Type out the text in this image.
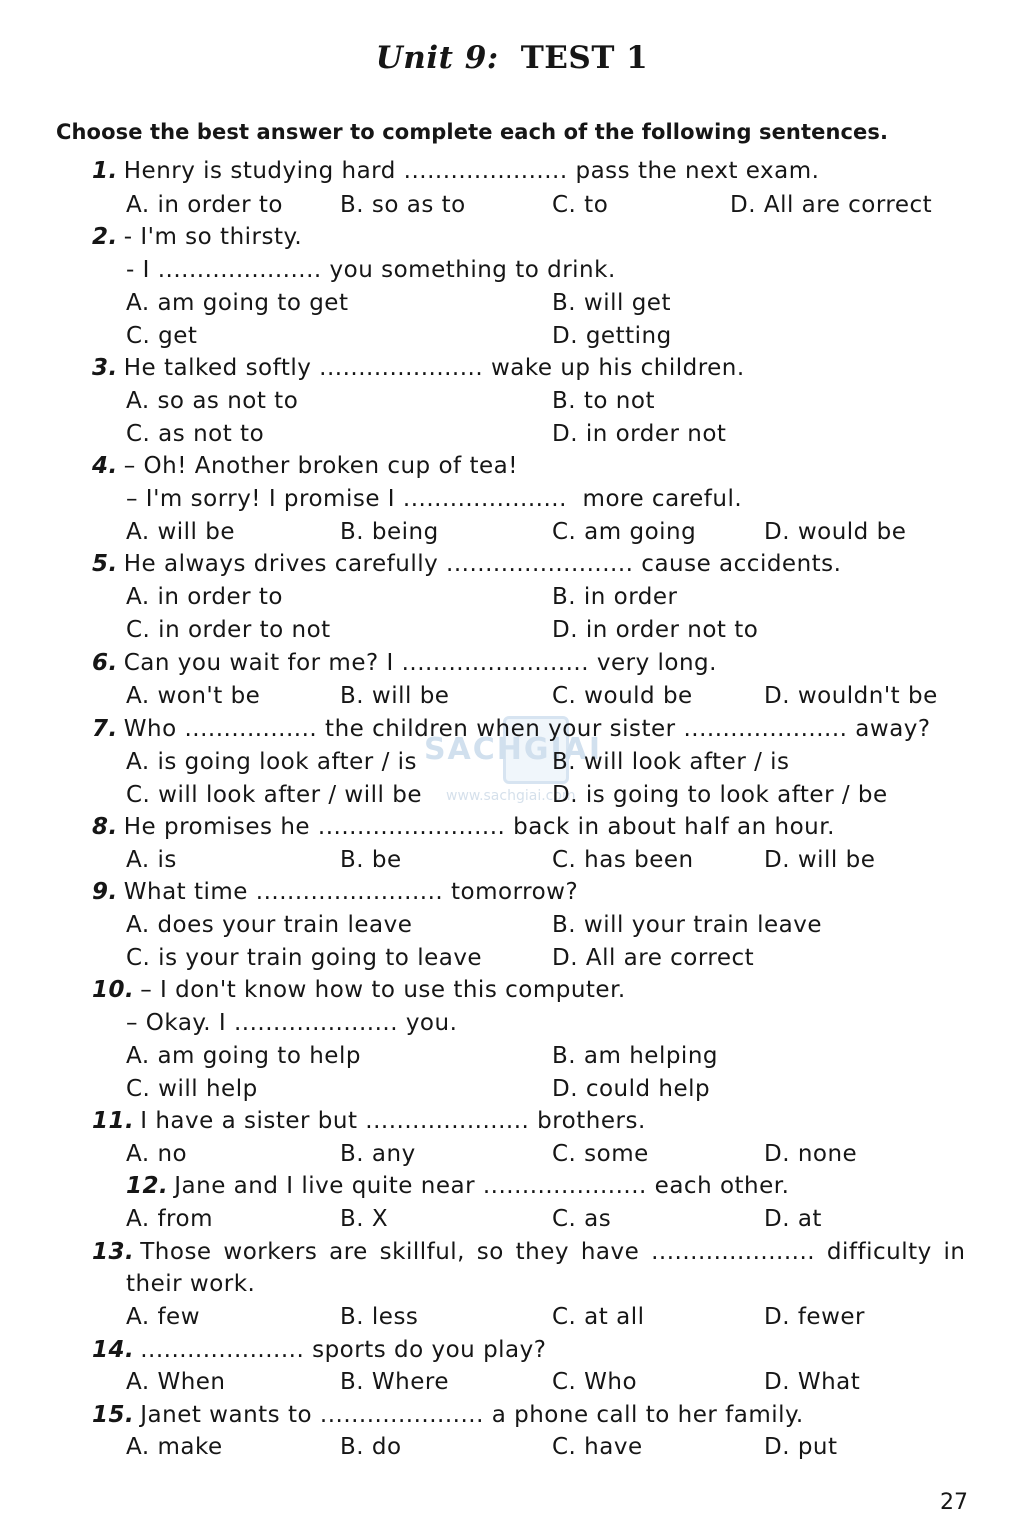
Unit 9: TEST 1
Choose the best answer to complete each of the following sentences.
1. Henry is studying hard ..................... pass the next exam.
A. in order to B. so as to	C. to	D. All are correct
2. - I'm so thirsty.
- I ..................... you something to drink.
A. am going to get	B. will get
C. get	D. getting
3. He talked softly ..................... wake up his children.
A. so as not to	B. to not
C. as not to	D. in order not
4. – Oh! Another broken cup of tea!
– I'm sorry! I promise I .....................  more careful.
A. will be	B. being	C. am going	D. would be
5. He always drives carefully ........................ cause accidents.
A. in order to	B. in order
C. in order to not	D. in order not to
6. Can you wait for me? I ........................ very long.
A. won't be	B. will be	C. would be	D. wouldn't be
SACHGIAI
www.sachgiai.com
7. Who ................. the children when your sister ..................... away?
A. is going look after / is	B. will look after / is
C. will look after / will be	D. is going to look after / be
8. He promises he ........................ back in about half an hour.
A. is	B. be	C. has been	D. will be
9. What time ........................ tomorrow?
A. does your train leave	B. will your train leave
C. is your train going to leave	D. All are correct
10. – I don't know how to use this computer.
– Okay. I ..................... you.
A. am going to help	B. am helping
C. will help	D. could help
11. I have a sister but ..................... brothers.
A. no	B. any	C. some	D. none
12. Jane and I live quite near ..................... each other.
A. from	B. X	C. as	D. at
13. Those workers are skillful, so they have ..................... difficulty in
their work.
A. few	B. less	C. at all	D. fewer
14. ..................... sports do you play?
A. When	B. Where	C. Who	D. What
15. Janet wants to ..................... a phone call to her family.
A. make	B. do	C. have	D. put
27
